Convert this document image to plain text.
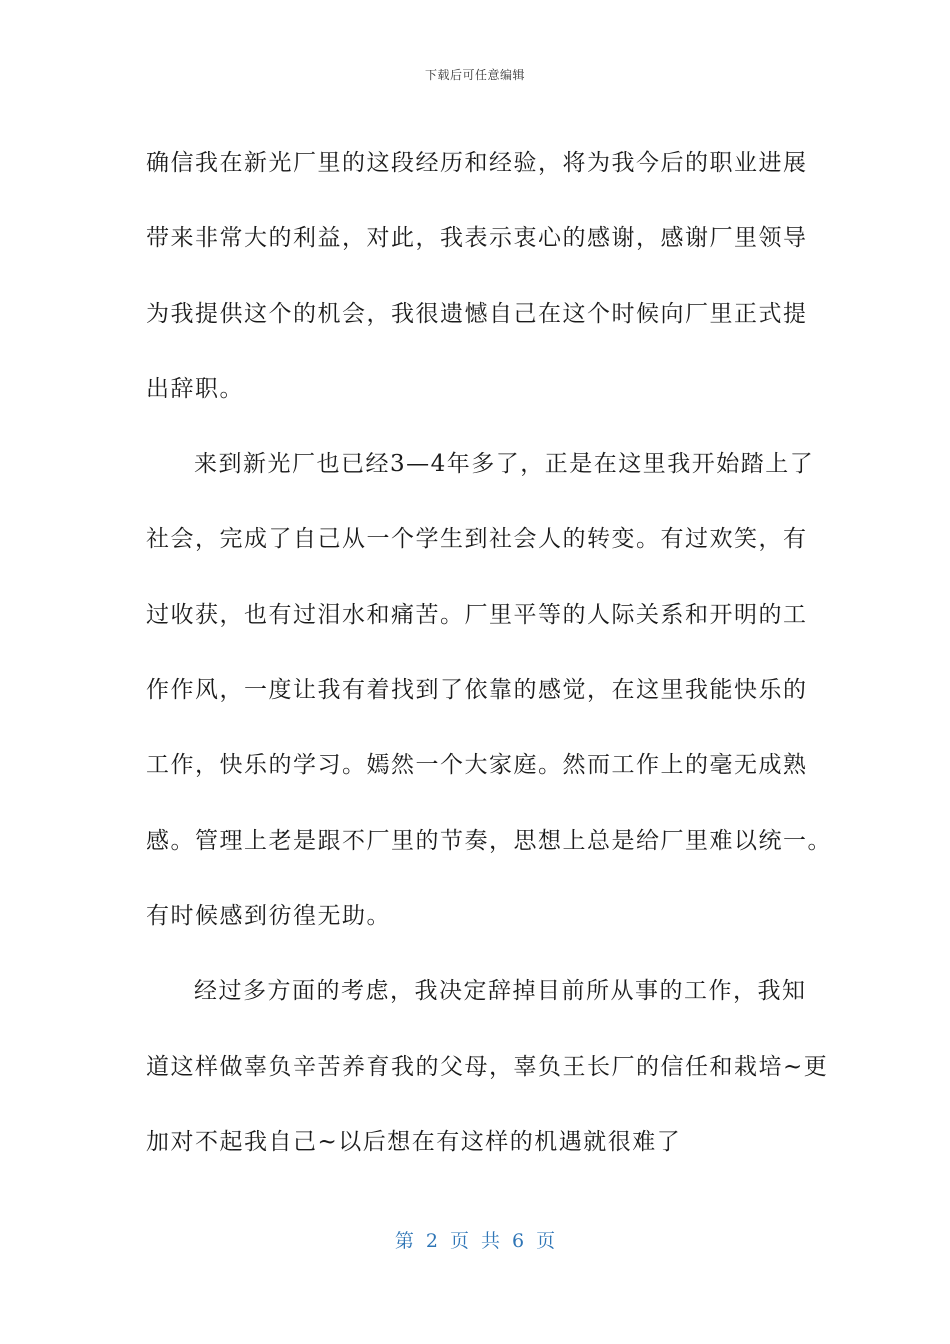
下载后可任意编辑
确信我在新光厂里的这段经历和经验，将为我今后的职业进展
带来非常大的利益，对此，我表示衷心的感谢，感谢厂里领导
为我提供这个的机会，我很遗憾自己在这个时候向厂里正式提
出辞职。
来到新光厂也已经3—4年多了，正是在这里我开始踏上了
社会，完成了自己从一个学生到社会人的转变。有过欢笑，有
过收获，也有过泪水和痛苦。厂里平等的人际关系和开明的工
作作风，一度让我有着找到了依靠的感觉，在这里我能快乐的
工作，快乐的学习。嫣然一个大家庭。然而工作上的毫无成熟
感。管理上老是跟不厂里的节奏，思想上总是给厂里难以统一。
有时候感到彷徨无助。
经过多方面的考虑，我决定辞掉目前所从事的工作，我知
道这样做辜负辛苦养育我的父母，辜负王长厂的信任和栽培~更
加对不起我自己~以后想在有这样的机遇就很难了
第 2 页 共 6 页
